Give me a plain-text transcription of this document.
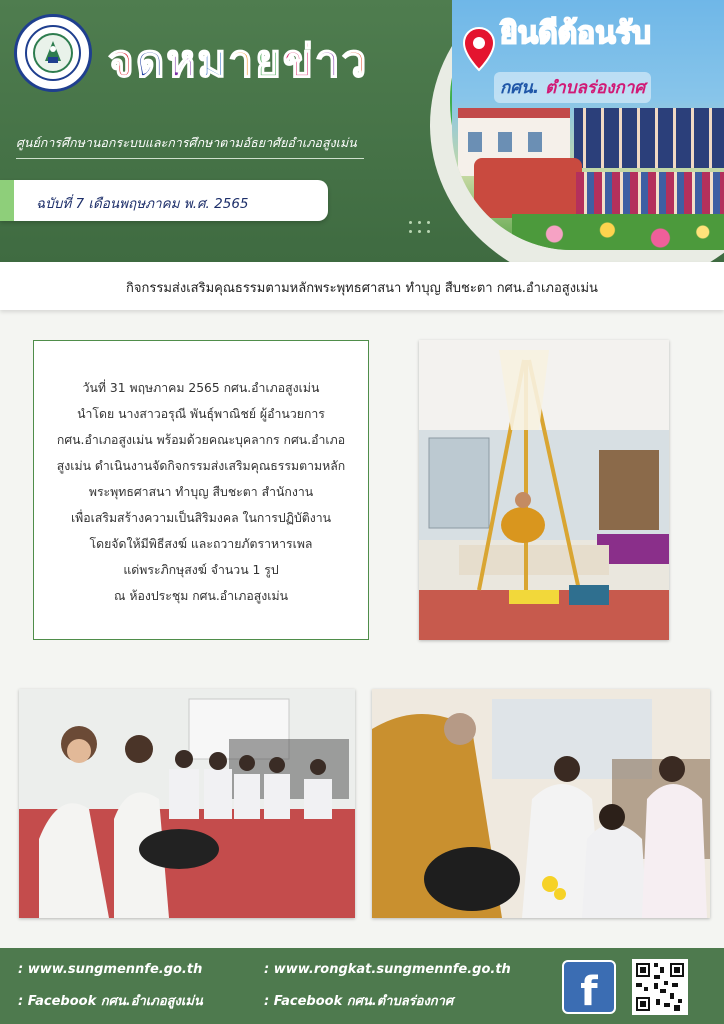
จดหมายข่าว
ศูนย์การศึกษานอกระบบและการศึกษาตามอัธยาศัยอำเภอสูงเม่น
ฉบับที่ 7 เดือนพฤษภาคม พ.ศ. 2565
ยินดีต้อนรับ
กศน. ตำบลร่องกาศ
กิจกรรมส่งเสริมคุณธรรมตามหลักพระพุทธศาสนา ทำบุญ สืบชะตา กศน.อำเภอสูงเม่น

วันที่ 31 พฤษภาคม 2565 กศน.อำเภอสูงเม่น

นำโดย นางสาวอรุณี พันธุ์พาณิชย์ ผู้อำนวยการ

กศน.อำเภอสูงเม่น พร้อมด้วยคณะบุคลากร กศน.อำเภอ

สูงเม่น ดำเนินงานจัดกิจกรรมส่งเสริมคุณธรรมตามหลัก

พระพุทธศาสนา ทำบุญ สืบชะตา สำนักงาน

เพื่อเสริมสร้างความเป็นสิริมงคล ในการปฏิบัติงาน

โดยจัดให้มีพิธีสงฆ์ และถวายภัตราหารเพล

แด่พระภิกษุสงฆ์ จำนวน 1 รูป

ณ ห้องประชุม กศน.อำเภอสูงเม่น

: www.sungmennfe.go.th
: Facebook กศน.อำเภอสูงเม่น
: www.rongkat.sungmennfe.go.th
: Facebook กศน.ตำบลร่องกาศ	f
